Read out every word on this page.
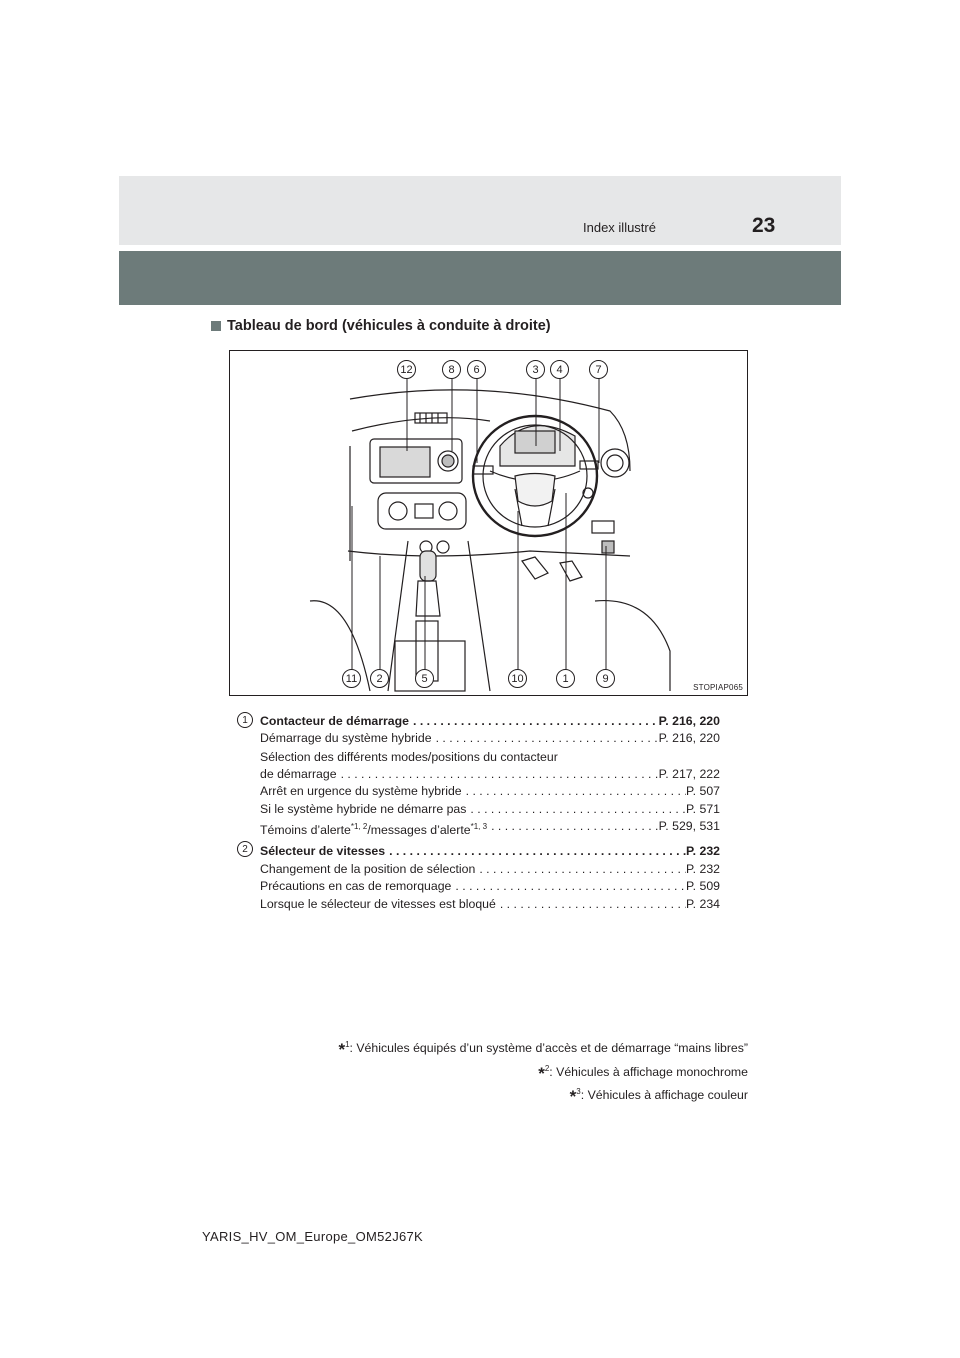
Index illustré	23
Tableau de bord (véhicules à conduite à droite)
12	8	6	3	4	7
11	2	5	10	1	9
STOPIAP065
1 Contacteur de démarrage . . .	P. 216, 220
Démarrage du système hybride . . .	P. 216, 220
Sélection des différents modes/positions du contacteur
de démarrage . . .	P. 217, 222
Arrêt en urgence du système hybride . . .	P. 507
Si le système hybride ne démarre pas . . .	P. 571
Témoins d’alerte$^{*1, 2}$/messages d’alerte$^{*1, 3}$ . . .	P. 529, 531
2 Sélecteur de vitesses . . .	P. 232
Changement de la position de sélection . . .	P. 232
Précautions en cas de remorquage . . .	P. 509
Lorsque le sélecteur de vitesses est bloqué . . .	P. 234
*$^1$: Véhicules équipés d’un système d’accès et de démarrage “mains libres”
*$^2$: Véhicules à affichage monochrome
*$^3$: Véhicules à affichage couleur
YARIS_HV_OM_Europe_OM52J67K
